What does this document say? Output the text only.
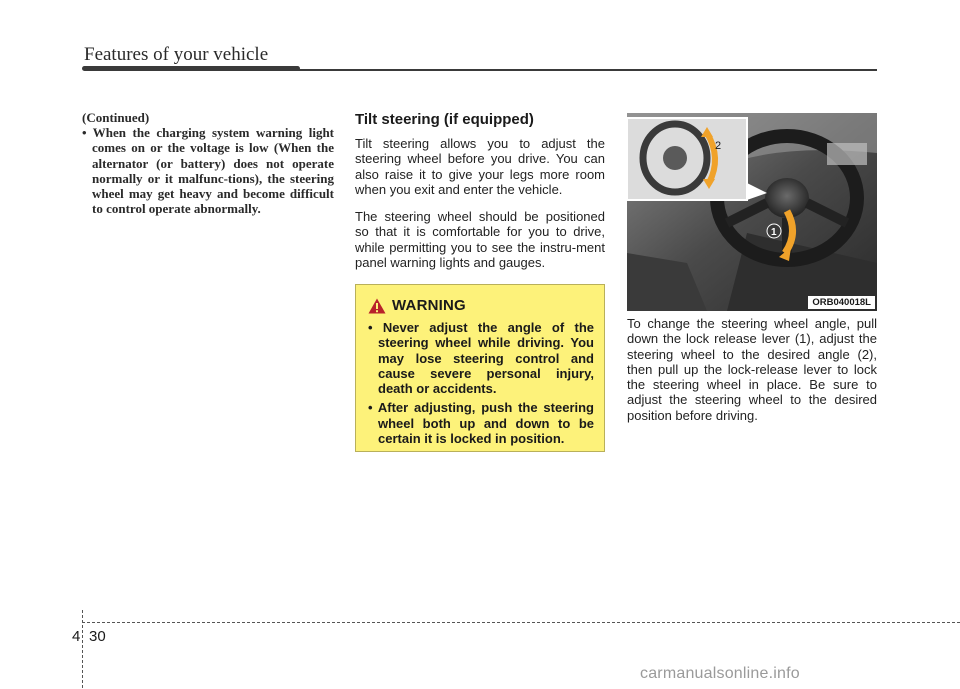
Features of your vehicle
(Continued)
• When the charging system warning light comes on or the voltage is low (When the alternator (or battery) does not operate normally or it malfunc-tions), the steering wheel may get heavy and become difficult to control operate abnormally.
Tilt steering (if equipped)

Tilt steering allows you to adjust the steering wheel before you drive. You can also raise it to give your legs more room when you exit and enter the vehicle.

The steering wheel should be positioned so that it is comfortable for you to drive, while permitting you to see the instru-ment panel warning lights and gauges.

WARNING
• Never adjust the angle of the steering wheel while driving. You may lose steering control and cause severe personal injury, death or accidents.
• After adjusting, push the steering wheel both up and down to be certain it is locked in position.
2
1
ORB040018L

To change the steering wheel angle, pull down the lock release lever (1), adjust the steering wheel to the desired angle (2), then pull up the lock-release lever to lock the steering wheel in place. Be sure to adjust the steering wheel to the desired position before driving.

4 30
carmanualsonline.info
